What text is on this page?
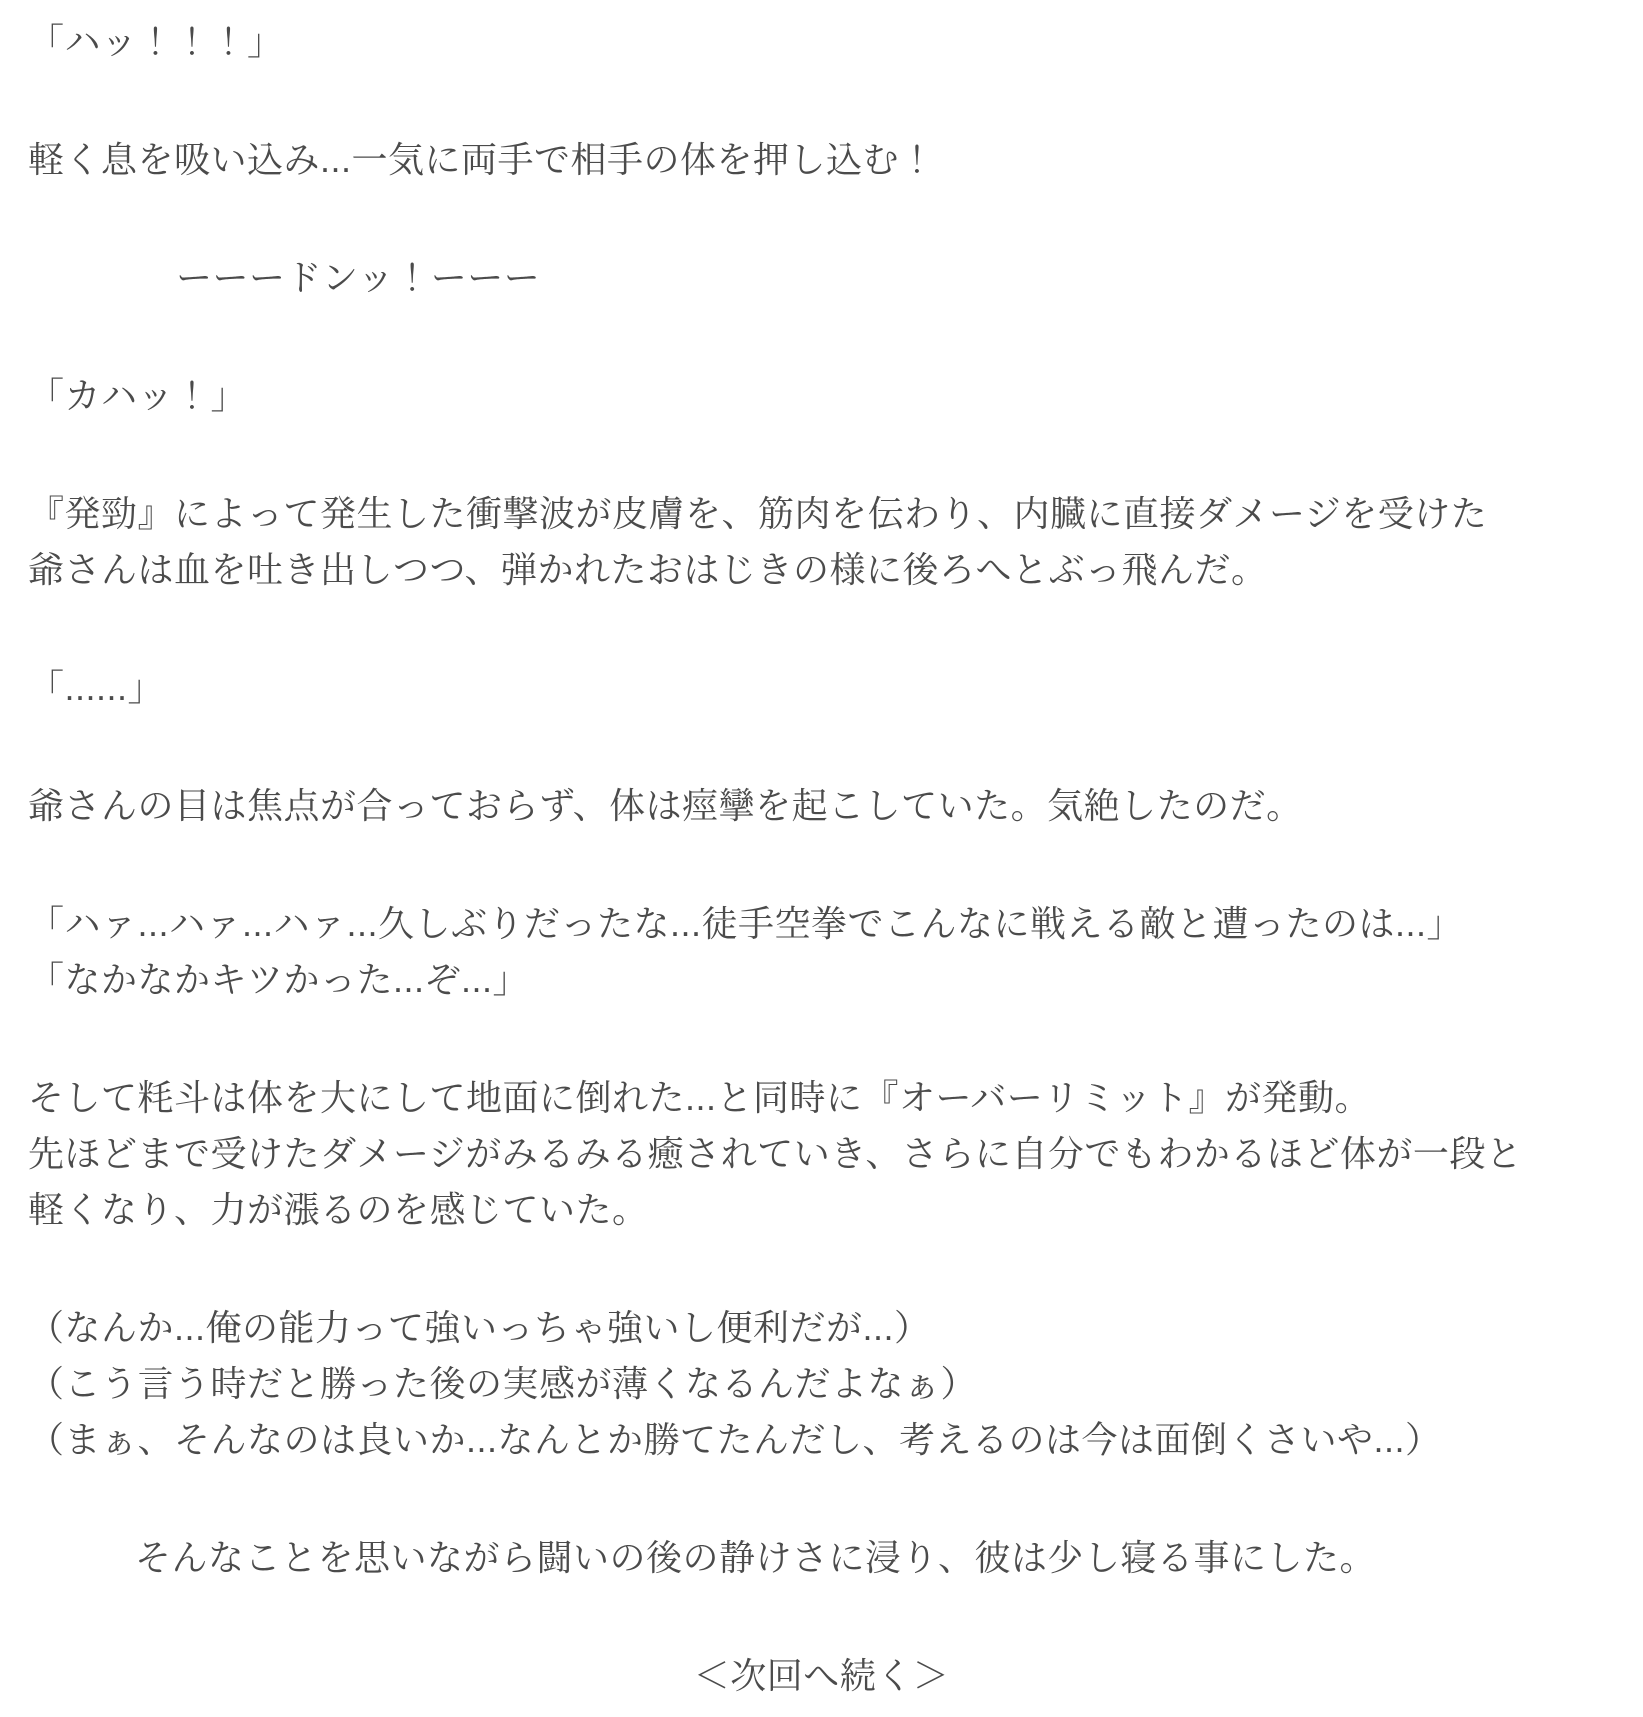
「ハッ！！！」
軽く息を吸い込み...一気に両手で相手の体を押し込む！
ーーードンッ！ーーー
「カハッ！」
『発勁』によって発生した衝撃波が皮膚を、筋肉を伝わり、内臓に直接ダメージを受けた
爺さんは血を吐き出しつつ、弾かれたおはじきの様に後ろへとぶっ飛んだ。
「......」
爺さんの目は焦点が合っておらず、体は痙攣を起こしていた。気絶したのだ。
「ハァ...ハァ...ハァ...久しぶりだったな...徒手空拳でこんなに戦える敵と遭ったのは...」
「なかなかキツかった...ぞ...」
そして粍斗は体を大にして地面に倒れた...と同時に『オーバーリミット』が発動。
先ほどまで受けたダメージがみるみる癒されていき、さらに自分でもわかるほど体が一段と
軽くなり、力が漲るのを感じていた。
（なんか...俺の能力って強いっちゃ強いし便利だが...）
（こう言う時だと勝った後の実感が薄くなるんだよなぁ）
（まぁ、そんなのは良いか...なんとか勝てたんだし、考えるのは今は面倒くさいや...）
そんなことを思いながら闘いの後の静けさに浸り、彼は少し寝る事にした。
＜次回へ続く＞
